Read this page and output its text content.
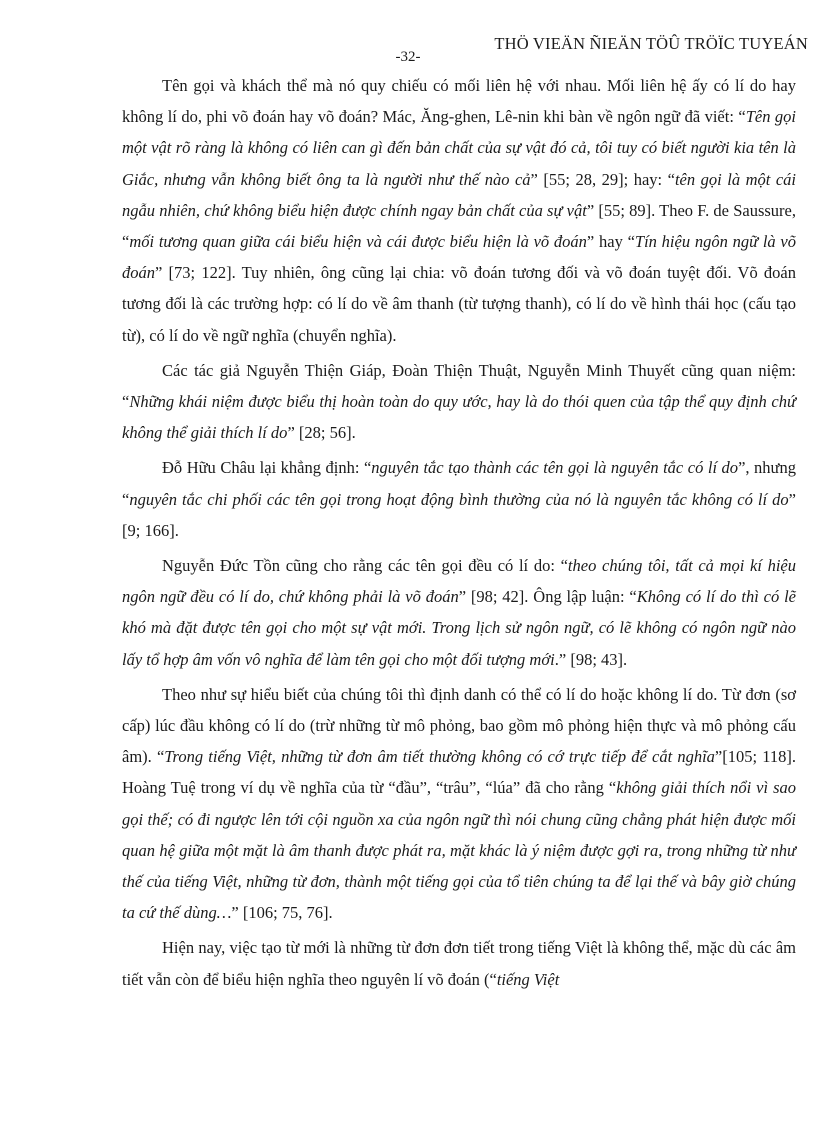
THÖ VIEÄN ÑIEÄN TÖÛ TRÖÏC TUYEÁN
-32-

Tên gọi và khách thể mà nó quy chiếu có mối liên hệ với nhau. Mối liên hệ ấy có lí do hay không lí do, phi võ đoán hay võ đoán? Mác, Ăng-ghen, Lê-nin khi bàn về ngôn ngữ đã viết: “Tên gọi một vật rõ ràng là không có liên can gì đến bản chất của sự vật đó cả, tôi tuy có biết người kia tên là Giắc, nhưng vẫn không biết ông ta là người như thế nào cả” [55; 28, 29]; hay: “tên gọi là một cái ngẫu nhiên, chứ không biểu hiện được chính ngay bản chất của sự vật” [55; 89]. Theo F. de Saussure, “mối tương quan giữa cái biểu hiện và cái được biểu hiện là võ đoán” hay “Tín hiệu ngôn ngữ là võ đoán” [73; 122]. Tuy nhiên, ông cũng lại chia: võ đoán tương đối và võ đoán tuyệt đối. Võ đoán tương đối là các trường hợp: có lí do về âm thanh (từ tượng thanh), có lí do về hình thái học (cấu tạo từ), có lí do về ngữ nghĩa (chuyển nghĩa).

Các tác giả Nguyễn Thiện Giáp, Đoàn Thiện Thuật, Nguyễn Minh Thuyết cũng quan niệm: “Những khái niệm được biểu thị hoàn toàn do quy ước, hay là do thói quen của tập thể quy định chứ không thể giải thích lí do” [28; 56].

Đỗ Hữu Châu lại khẳng định: “nguyên tắc tạo thành các tên gọi là nguyên tắc có lí do”, nhưng “nguyên tắc chi phối các tên gọi trong hoạt động bình thường của nó là nguyên tắc không có lí do” [9; 166].

Nguyễn Đức Tồn cũng cho rằng các tên gọi đều có lí do: “theo chúng tôi, tất cả mọi kí hiệu ngôn ngữ đều có lí do, chứ không phải là võ đoán” [98; 42]. Ông lập luận: “Không có lí do thì có lẽ khó mà đặt được tên gọi cho một sự vật mới. Trong lịch sử ngôn ngữ, có lẽ không có ngôn ngữ nào lấy tổ hợp âm vốn vô nghĩa để làm tên gọi cho một đối tượng mới.” [98; 43].

Theo như sự hiểu biết của chúng tôi thì định danh có thể có lí do hoặc không lí do. Từ đơn (sơ cấp) lúc đầu không có lí do (trừ những từ mô phỏng, bao gồm mô phỏng hiện thực và mô phỏng cấu âm). “Trong tiếng Việt, những từ đơn âm tiết thường không có cớ trực tiếp để cắt nghĩa”[105; 118]. Hoàng Tuệ trong ví dụ về nghĩa của từ “đầu”, “trâu”, “lúa” đã cho rằng “không giải thích nổi vì sao gọi thế; có đi ngược lên tới cội nguồn xa của ngôn ngữ thì nói chung cũng chẳng phát hiện được mối quan hệ giữa một mặt là âm thanh được phát ra, mặt khác là ý niệm được gợi ra, trong những từ như thế của tiếng Việt, những từ đơn, thành một tiếng gọi của tổ tiên chúng ta để lại thế và bây giờ chúng ta cứ thế dùng…” [106; 75, 76].

Hiện nay, việc tạo từ mới là những từ đơn đơn tiết trong tiếng Việt là không thể, mặc dù các âm tiết vẫn còn để biểu hiện nghĩa theo nguyên lí võ đoán (“tiếng Việt
